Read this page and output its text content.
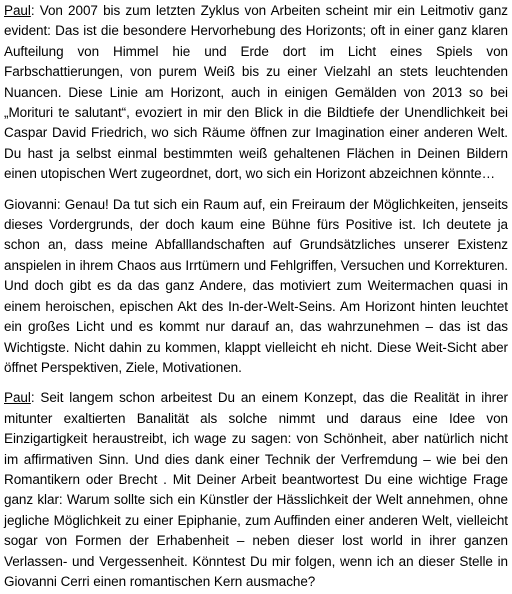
Paul: Von 2007 bis zum letzten Zyklus von Arbeiten scheint mir ein Leitmotiv ganz evident: Das ist die besondere Hervorhebung des Horizonts; oft in einer ganz klaren Aufteilung von Himmel hie und Erde dort im Licht eines Spiels von Farbschattierungen, von purem Weiß bis zu einer Vielzahl an stets leuchtenden Nuancen. Diese Linie am Horizont, auch in einigen Gemälden von 2013 so bei „Morituri te salutant“, evoziert in mir den Blick in die Bildtiefe der Unendlichkeit bei Caspar David Friedrich, wo sich Räume öffnen zur Imagination einer anderen Welt. Du hast ja selbst einmal bestimmten weiß gehaltenen Flächen in Deinen Bildern einen utopischen Wert zugeordnet, dort, wo sich ein Horizont abzeichnen könnte…

Giovanni: Genau! Da tut sich ein Raum auf, ein Freiraum der Möglichkeiten, jenseits dieses Vordergrunds, der doch kaum eine Bühne fürs Positive ist. Ich deutete ja schon an, dass meine Abfalllandschaften auf Grundsätzliches unserer Existenz anspielen in ihrem Chaos aus Irrtümern und Fehlgriffen, Versuchen und Korrekturen. Und doch gibt es da das ganz Andere, das motiviert zum Weitermachen quasi in einem heroischen, epischen Akt des In-der-Welt-Seins. Am Horizont hinten leuchtet ein großes Licht und es kommt nur darauf an, das wahrzunehmen – das ist das Wichtigste. Nicht dahin zu kommen, klappt vielleicht eh nicht. Diese Weit-Sicht aber öffnet Perspektiven, Ziele, Motivationen.

Paul: Seit langem schon arbeitest Du an einem Konzept, das die Realität in ihrer mitunter exaltierten Banalität als solche nimmt und daraus eine Idee von Einzigartigkeit heraustreibt, ich wage zu sagen: von Schönheit, aber natürlich nicht im affirmativen Sinn. Und dies dank einer Technik der Verfremdung – wie bei den Romantikern oder Brecht . Mit Deiner Arbeit beantwortest Du eine wichtige Frage ganz klar: Warum sollte sich ein Künstler der Hässlichkeit der Welt annehmen, ohne jegliche Möglichkeit zu einer Epiphanie, zum Auffinden einer anderen Welt, vielleicht sogar von Formen der Erhabenheit – neben dieser lost world in ihrer ganzen Verlassen- und Vergessenheit. Könntest Du mir folgen, wenn ich an dieser Stelle in Giovanni Cerri einen romantischen Kern ausmache?
